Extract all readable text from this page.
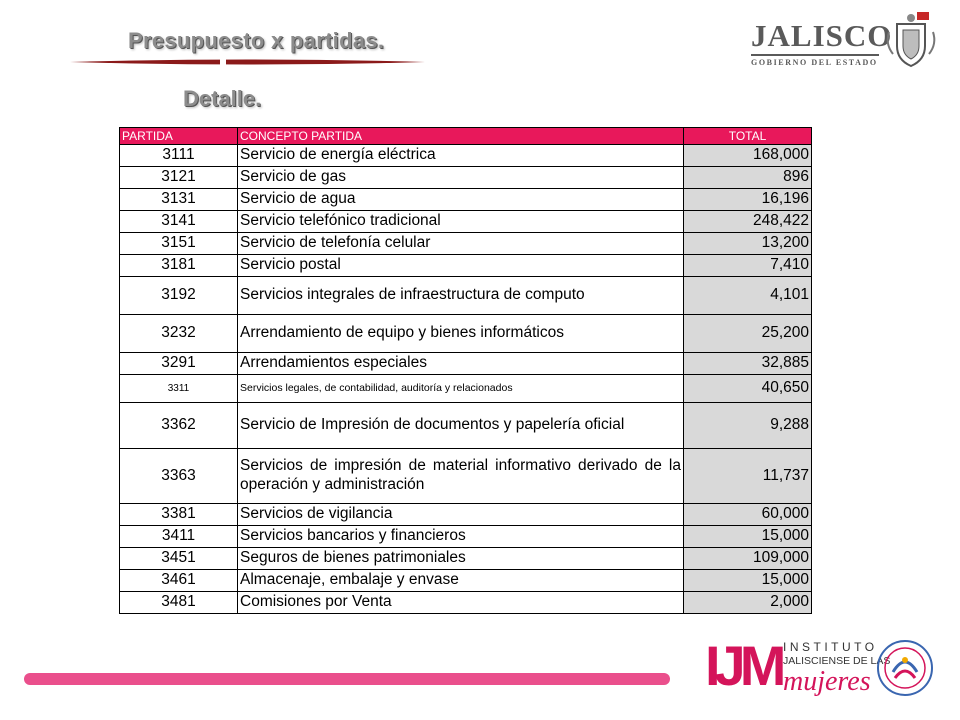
Presupuesto x partidas.
Detalle.
JALISCO
GOBIERNO DEL ESTADO
PARTIDA	CONCEPTO PARTIDA	TOTAL
3111	Servicio de energía eléctrica	168,000
3121	Servicio de gas	896
3131	Servicio de agua	16,196
3141	Servicio telefónico tradicional	248,422
3151	Servicio de telefonía celular	13,200
3181	Servicio postal	7,410
3192	Servicios integrales de infraestructura de computo	4,101
3232	Arrendamiento de equipo y bienes informáticos	25,200
3291	Arrendamientos especiales	32,885
3311	Servicios legales, de contabilidad, auditoría y relacionados	40,650
3362	Servicio de Impresión de documentos y papelería oficial	9,288
3363	Servicios de impresión de material informativo derivado de la operación y administración	11,737
3381	Servicios de vigilancia	60,000
3411	Servicios bancarios y financieros	15,000
3451	Seguros de bienes patrimoniales	109,000
3461	Almacenaje, embalaje y envase	15,000
3481	Comisiones por Venta	2,000
IJM INSTITUTO
JALISCIENSE DE LAS
mujeres
